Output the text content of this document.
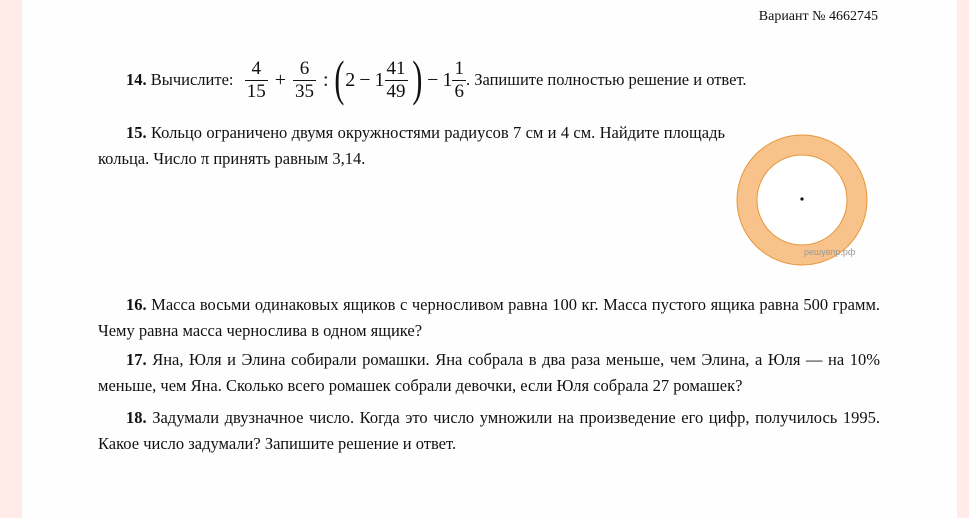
Вариант № 4662745
14.
Вычислите:
$\frac{4}{15} + \frac{6}{35}$ : ( $2 - 1 \frac{41}{49}$ ) − $1 \frac{1}{6}$ . Запишите полностью решение и ответ.
15. Кольцо ограничено двумя окружностями радиусов 7 см и 4 см. Найдите площадь кольца. Число π принять равным 3,14.
решувпр.рф
16. Масса восьми одинаковых ящиков с черносливом равна 100 кг. Масса пустого ящика равна 500 грамм. Чему равна масса чернослива в одном ящике?
17. Яна, Юля и Элина собирали ромашки. Яна собрала в два раза меньше, чем Элина, а Юля — на 10% меньше, чем Яна. Сколько всего ромашек собрали девочки, если Юля собрала 27 ромашек?
18. Задумали двузначное число. Когда это число умножили на произведение его цифр, получилось 1995. Какое число задумали? Запишите решение и ответ.
